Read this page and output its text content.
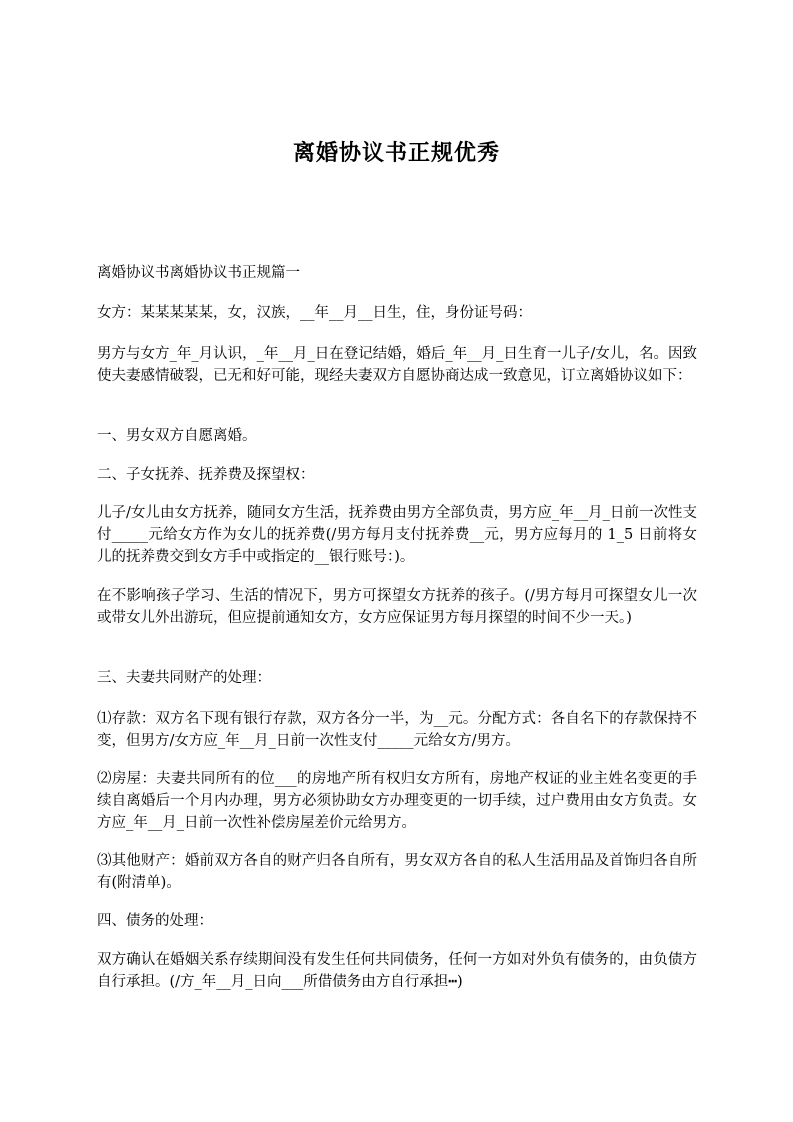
离婚协议书正规优秀
离婚协议书离婚协议书正规篇一
女方：某某某某某，女，汉族，__年__月__日生，住，身份证号码：
男方与女方_年_月认识，_年__月_日在登记结婚，婚后_年__月_日生育一儿子/女儿，名。因致使夫妻感情破裂，已无和好可能，现经夫妻双方自愿协商达成一致意见，订立离婚协议如下：
一、男女双方自愿离婚。
二、子女抚养、抚养费及探望权：
儿子/女儿由女方抚养，随同女方生活，抚养费由男方全部负责，男方应_年__月_日前一次性支付_____元给女方作为女儿的抚养费(/男方每月支付抚养费__元，男方应每月的 1_5 日前将女儿的抚养费交到女方手中或指定的__银行账号：)。
在不影响孩子学习、生活的情况下，男方可探望女方抚养的孩子。(/男方每月可探望女儿一次或带女儿外出游玩，但应提前通知女方，女方应保证男方每月探望的时间不少一天。)
三、夫妻共同财产的处理：
⑴存款：双方名下现有银行存款，双方各分一半，为__元。分配方式：各自名下的存款保持不变，但男方/女方应_年__月_日前一次性支付_____元给女方/男方。
⑵房屋：夫妻共同所有的位___的房地产所有权归女方所有，房地产权证的业主姓名变更的手续自离婚后一个月内办理，男方必须协助女方办理变更的一切手续，过户费用由女方负责。女方应_年__月_日前一次性补偿房屋差价元给男方。
⑶其他财产：婚前双方各自的财产归各自所有，男女双方各自的私人生活用品及首饰归各自所有(附清单)。
四、债务的处理：
双方确认在婚姻关系存续期间没有发生任何共同债务，任何一方如对外负有债务的，由负债方自行承担。(/方_年__月_日向___所借债务由方自行承担┅)
